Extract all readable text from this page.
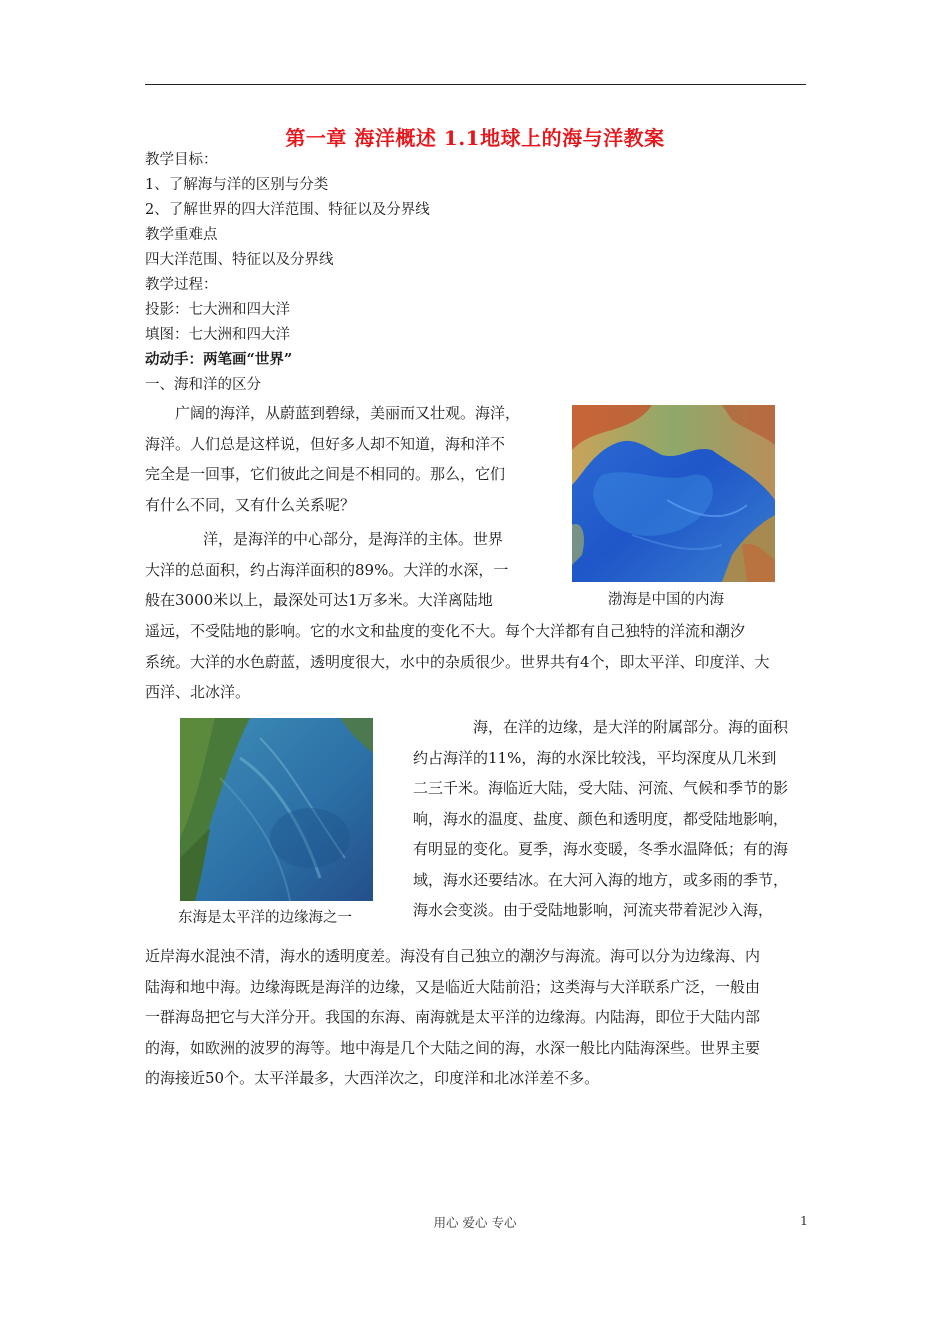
第一章 海洋概述 1.1地球上的海与洋教案
教学目标：
1、了解海与洋的区别与分类
2、了解世界的四大洋范围、特征以及分界线
教学重难点
四大洋范围、特征以及分界线
教学过程：
投影：七大洲和四大洋
填图：七大洲和四大洋
动动手：两笔画“世界”
一、海和洋的区分
广阔的海洋，从蔚蓝到碧绿，美丽而又壮观。海洋，
海洋。人们总是这样说，但好多人却不知道，海和洋不
完全是一回事，它们彼此之间是不相同的。那么，它们
有什么不同，又有什么关系呢？
洋，是海洋的中心部分，是海洋的主体。世界
大洋的总面积，约占海洋面积的89%。大洋的水深，一
般在3000米以上，最深处可达1万多米。大洋离陆地
遥远，不受陆地的影响。它的水文和盐度的变化不大。每个大洋都有自己独特的洋流和潮汐
系统。大洋的水色蔚蓝，透明度很大，水中的杂质很少。世界共有4个，即太平洋、印度洋、大
西洋、北冰洋。
渤海是中国的内海
东海是太平洋的边缘海之一
海，在洋的边缘，是大洋的附属部分。海的面积
约占海洋的11%，海的水深比较浅，平均深度从几米到
二三千米。海临近大陆，受大陆、河流、气候和季节的影
响，海水的温度、盐度、颜色和透明度，都受陆地影响，
有明显的变化。夏季，海水变暖，冬季水温降低；有的海
域，海水还要结冰。在大河入海的地方，或多雨的季节，
海水会变淡。由于受陆地影响，河流夹带着泥沙入海，
近岸海水混浊不清，海水的透明度差。海没有自己独立的潮汐与海流。海可以分为边缘海、内
陆海和地中海。边缘海既是海洋的边缘，又是临近大陆前沿；这类海与大洋联系广泛，一般由
一群海岛把它与大洋分开。我国的东海、南海就是太平洋的边缘海。内陆海，即位于大陆内部
的海，如欧洲的波罗的海等。地中海是几个大陆之间的海，水深一般比内陆海深些。世界主要
的海接近50个。太平洋最多，大西洋次之，印度洋和北冰洋差不多。
用心 爱心 专心	1
